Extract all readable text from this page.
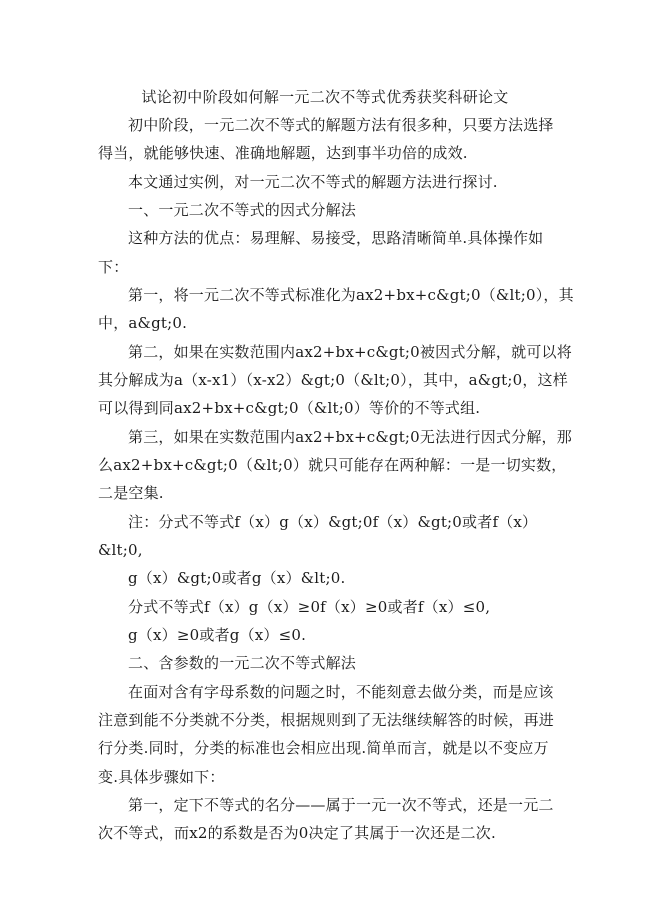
试论初中阶段如何解一元二次不等式优秀获奖科研论文
初中阶段，一元二次不等式的解题方法有很多种，只要方法选择
得当，就能够快速、准确地解题，达到事半功倍的成效.
本文通过实例，对一元二次不等式的解题方法进行探讨.
一、一元二次不等式的因式分解法
这种方法的优点：易理解、易接受，思路清晰简单.具体操作如
下：
第一，将一元二次不等式标准化为ax2+bx+c&gt;0（&lt;0），其
中，a&gt;0.
第二，如果在实数范围内ax2+bx+c&gt;0被因式分解，就可以将
其分解成为a（x-x1）（x-x2）&gt;0（&lt;0），其中，a&gt;0，这样
可以得到同ax2+bx+c&gt;0（&lt;0）等价的不等式组.
第三，如果在实数范围内ax2+bx+c&gt;0无法进行因式分解，那
么ax2+bx+c&gt;0（&lt;0）就只可能存在两种解：一是一切实数，
二是空集.
注：分式不等式f（x）g（x）&gt;0f（x）&gt;0或者f（x）
&lt;0,
g（x）&gt;0或者g（x）&lt;0.
分式不等式f（x）g（x）≥0f（x）≥0或者f（x）≤0,
g（x）≥0或者g（x）≤0.
二、含参数的一元二次不等式解法
在面对含有字母系数的问题之时，不能刻意去做分类，而是应该
注意到能不分类就不分类，根据规则到了无法继续解答的时候，再进
行分类.同时，分类的标准也会相应出现.简单而言，就是以不变应万
变.具体步骤如下：
第一，定下不等式的名分——属于一元一次不等式，还是一元二
次不等式，而x2的系数是否为0决定了其属于一次还是二次.
